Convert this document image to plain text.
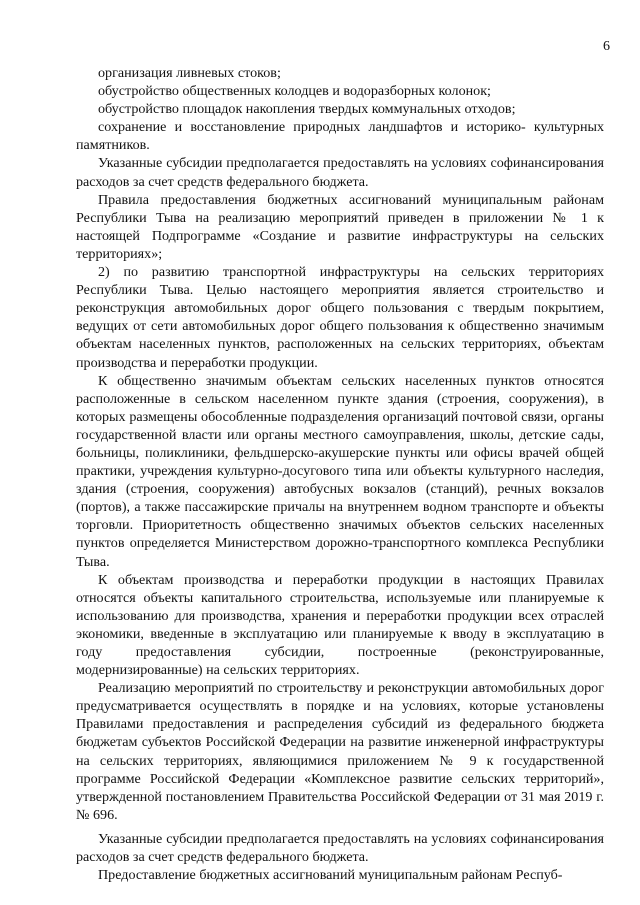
6

организация ливневых стоков;

обустройство общественных колодцев и водоразборных колонок;

обустройство площадок накопления твердых коммунальных отходов;

сохранение и восстановление природных ландшафтов и историко- культурных памятников.

Указанные субсидии предполагается предоставлять на условиях софинансирования расходов за счет средств федерального бюджета.

Правила предоставления бюджетных ассигнований муниципальным районам Республики Тыва на реализацию мероприятий приведен в приложении № 1 к настоящей Подпрограмме «Создание и развитие инфраструктуры на сельских территориях»;

2) по развитию транспортной инфраструктуры на сельских территориях Республики Тыва. Целью настоящего мероприятия является строительство и реконструкция автомобильных дорог общего пользования с твердым покрытием, ведущих от сети автомобильных дорог общего пользования к общественно значимым объектам населенных пунктов, расположенных на сельских территориях, объектам производства и переработки продукции.

К общественно значимым объектам сельских населенных пунктов относятся расположенные в сельском населенном пункте здания (строения, сооружения), в которых размещены обособленные подразделения организаций почтовой связи, органы государственной власти или органы местного самоуправления, школы, детские сады, больницы, поликлиники, фельдшерско-акушерские пункты или офисы врачей общей практики, учреждения культурно-досугового типа или объекты культурного наследия, здания (строения, сооружения) автобусных вокзалов (станций), речных вокзалов (портов), а также пассажирские причалы на внутреннем водном транспорте и объекты торговли. Приоритетность общественно значимых объектов сельских населенных пунктов определяется Министерством дорожно-транспортного комплекса Республики Тыва.

К объектам производства и переработки продукции в настоящих Правилах относятся объекты капитального строительства, используемые или планируемые к использованию для производства, хранения и переработки продукции всех отраслей экономики, введенные в эксплуатацию или планируемые к вводу в эксплуатацию в году предоставления субсидии, построенные (реконструированные, модернизированные) на сельских территориях.

Реализацию мероприятий по строительству и реконструкции автомобильных дорог предусматривается осуществлять в порядке и на условиях, которые установлены Правилами предоставления и распределения субсидий из федерального бюджета бюджетам субъектов Российской Федерации на развитие инженерной инфраструктуры на сельских территориях, являющимися приложением № 9 к государственной программе Российской Федерации «Комплексное развитие сельских территорий», утвержденной постановлением Правительства Российской Федерации от 31 мая 2019 г. № 696.

Указанные субсидии предполагается предоставлять на условиях софинансирования расходов за счет средств федерального бюджета.

Предоставление бюджетных ассигнований муниципальным районам Респуб-
